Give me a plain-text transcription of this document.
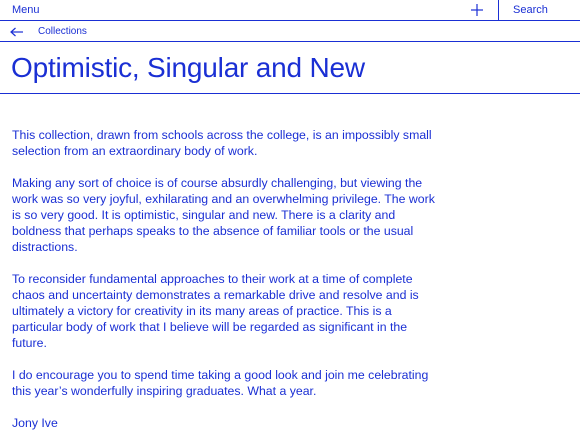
Menu	Search
Collections
Optimistic, Singular and New

This collection, drawn from schools across the college, is an impossibly small selection from an extraordinary body of work.

Making any sort of choice is of course absurdly challenging, but viewing the work was so very joyful, exhilarating and an overwhelming privilege. The work is so very good. It is optimistic, singular and new. There is a clarity and boldness that perhaps speaks to the absence of familiar tools or the usual distractions.

To reconsider fundamental approaches to their work at a time of complete chaos and uncertainty demonstrates a remarkable drive and resolve and is ultimately a victory for creativity in its many areas of practice. This is a particular body of work that I believe will be regarded as significant in the future.

I do encourage you to spend time taking a good look and join me celebrating this year’s wonderfully inspiring graduates. What a year.

Jony Ive
